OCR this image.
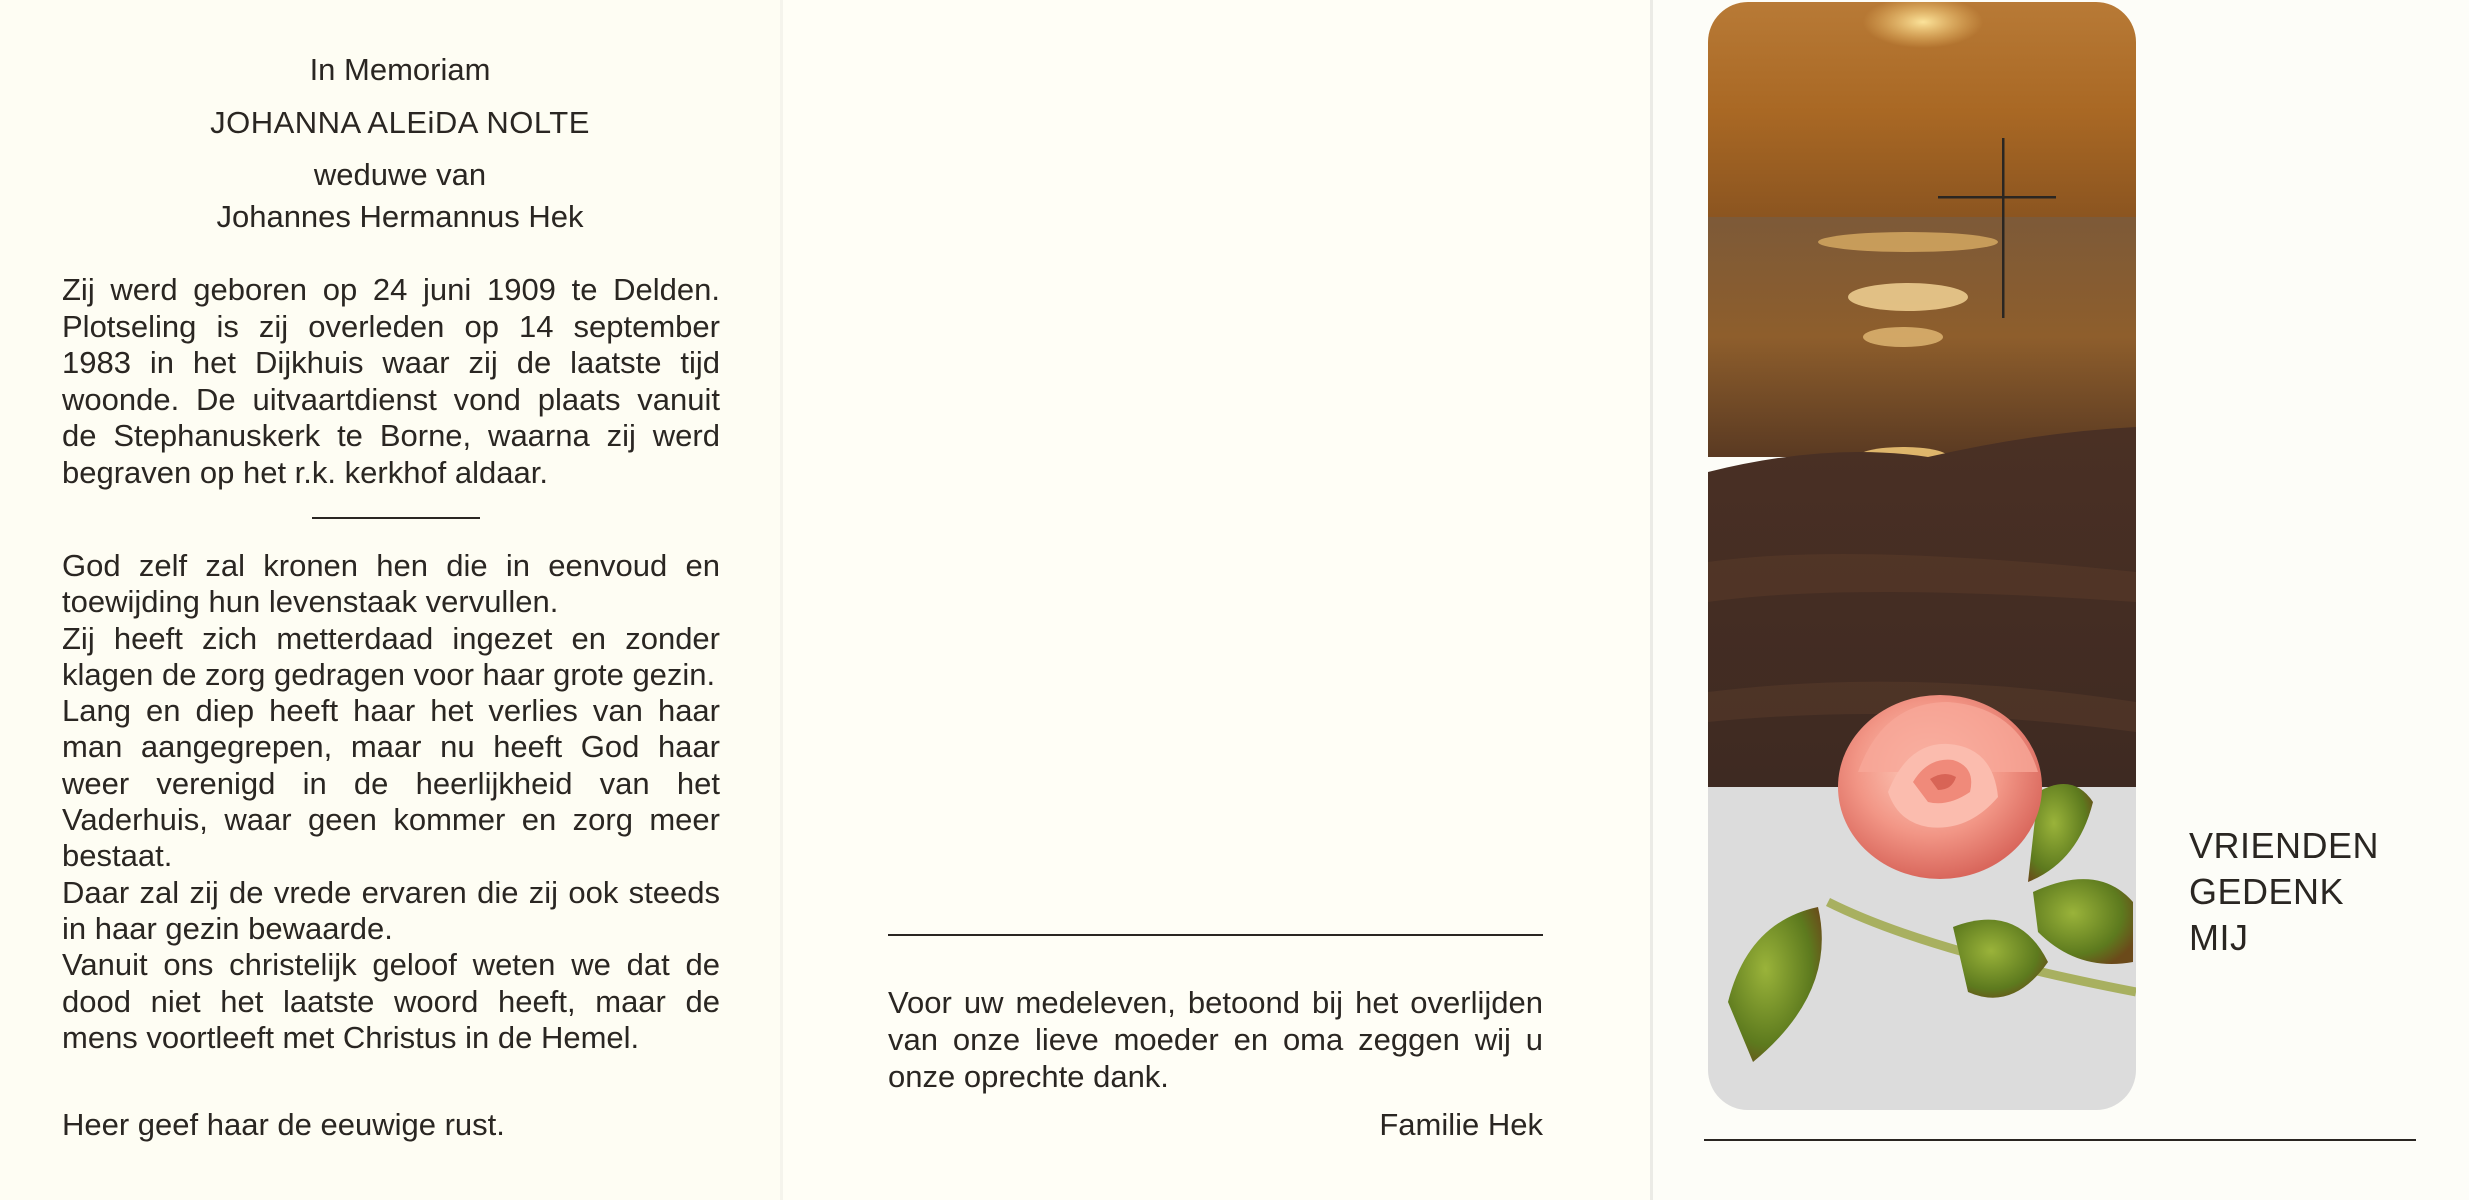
In Memoriam
JOHANNA ALEiDA NOLTE
weduwe van
Johannes Hermannus Hek
Zij werd geboren op 24 juni 1909 te Delden. Plotseling is zij overleden op 14 september 1983 in het Dijkhuis waar zij de laatste tijd woonde. De uitvaartdienst vond plaats vanuit de Stephanuskerk te Borne, waarna zij werd begraven op het r.k. kerkhof aldaar.
God zelf zal kronen hen die in eenvoud en toewijding hun levenstaak vervullen.
Zij heeft zich metterdaad ingezet en zonder klagen de zorg gedragen voor haar grote gezin.
Lang en diep heeft haar het verlies van haar man aangegrepen, maar nu heeft God haar weer verenigd in de heerlijkheid van het Vaderhuis, waar geen kommer en zorg meer bestaat.
Daar zal zij de vrede ervaren die zij ook steeds in haar gezin bewaarde.
Vanuit ons christelijk geloof weten we dat de dood niet het laatste woord heeft, maar de mens voortleeft met Christus in de Hemel.
Heer geef haar de eeuwige rust.
Voor uw medeleven, betoond bij het overlijden van onze lieve moeder en oma zeggen wij u onze oprechte dank.
Familie Hek
VRIENDEN
GEDENK
MIJ
